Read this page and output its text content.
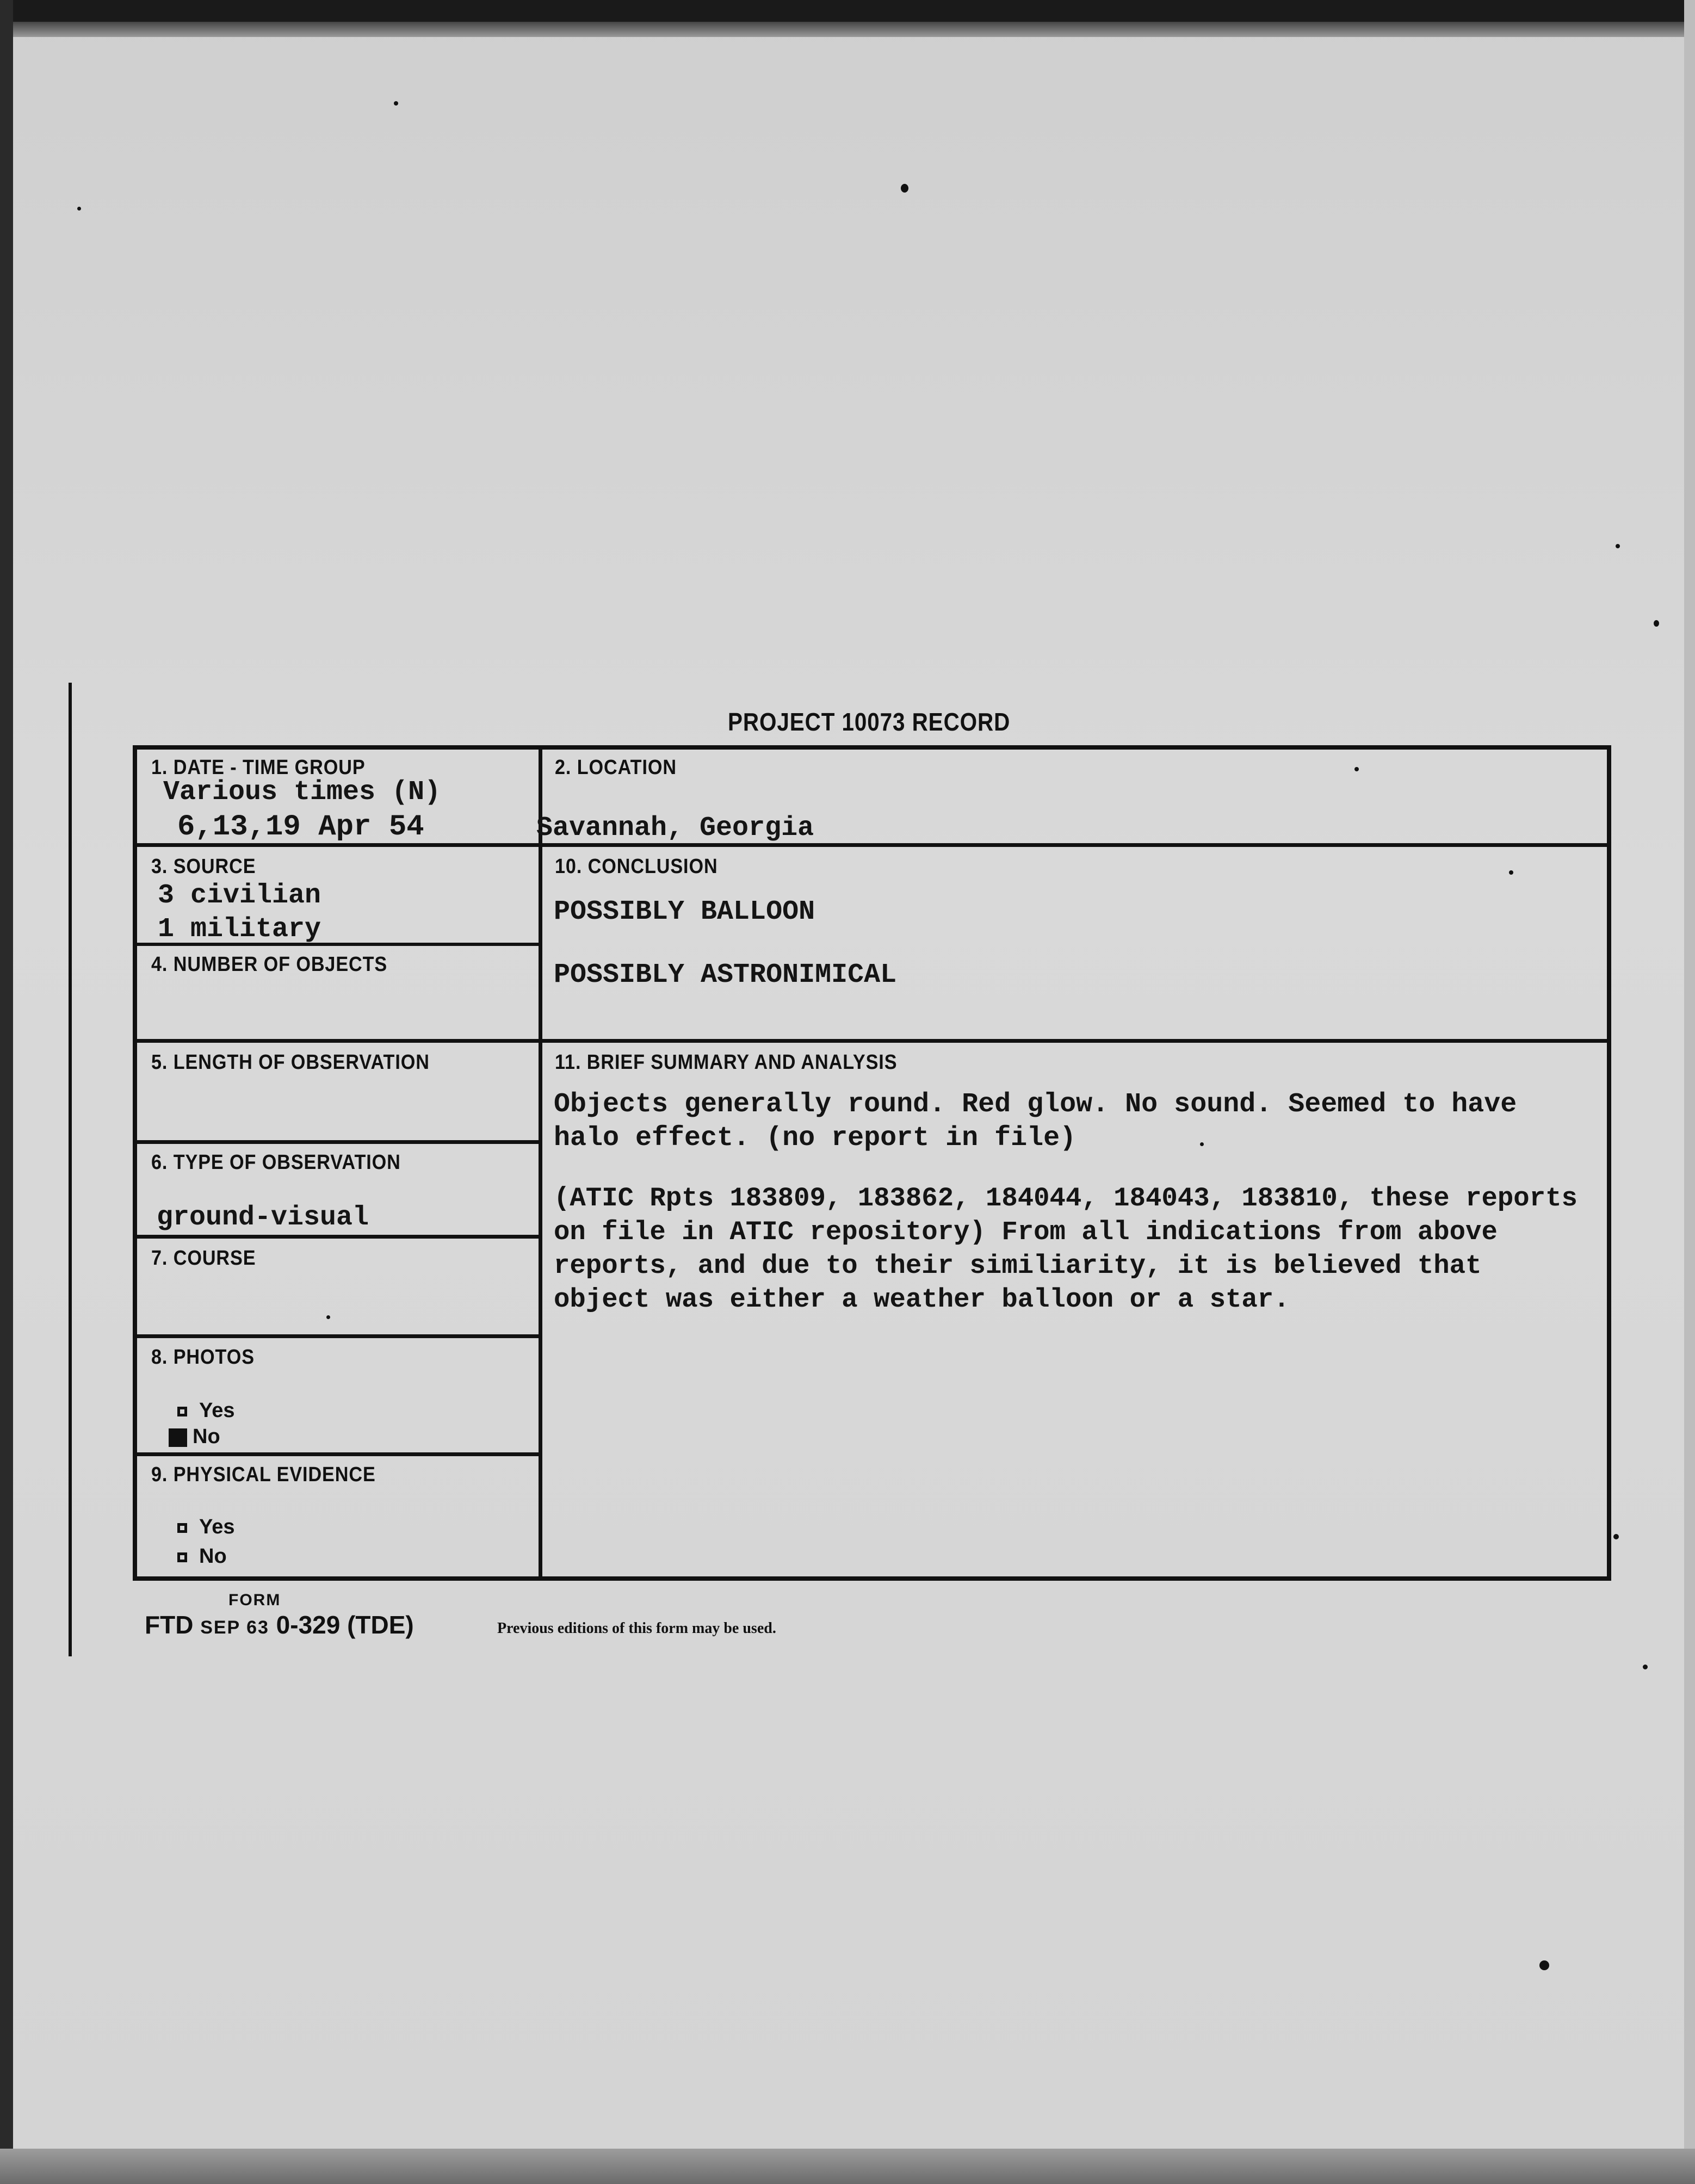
PROJECT 10073 RECORD
1. DATE - TIME GROUP
Various times (N)
6,13,19 Apr 54
2. LOCATION
Savannah, Georgia
3. SOURCE
3 civilian
1 military
4. NUMBER OF OBJECTS
5. LENGTH OF OBSERVATION
6. TYPE OF OBSERVATION
ground-visual
7. COURSE
8. PHOTOS
Yes
No
9. PHYSICAL EVIDENCE
Yes
No
10. CONCLUSION
POSSIBLY BALLOON
POSSIBLY ASTRONIMICAL
11. BRIEF SUMMARY AND ANALYSIS

Objects generally round. Red glow. No sound. Seemed to have

halo effect. (no report in file)

(ATIC Rpts 183809, 183862, 184044, 184043, 183810, these reports

on file in ATIC repository) From all indications from above

reports, and due to their similiarity, it is believed that

object was either a weather balloon or a star.

FORM
FTD SEP 63 0-329 (TDE)	Previous editions of this form may be used.
